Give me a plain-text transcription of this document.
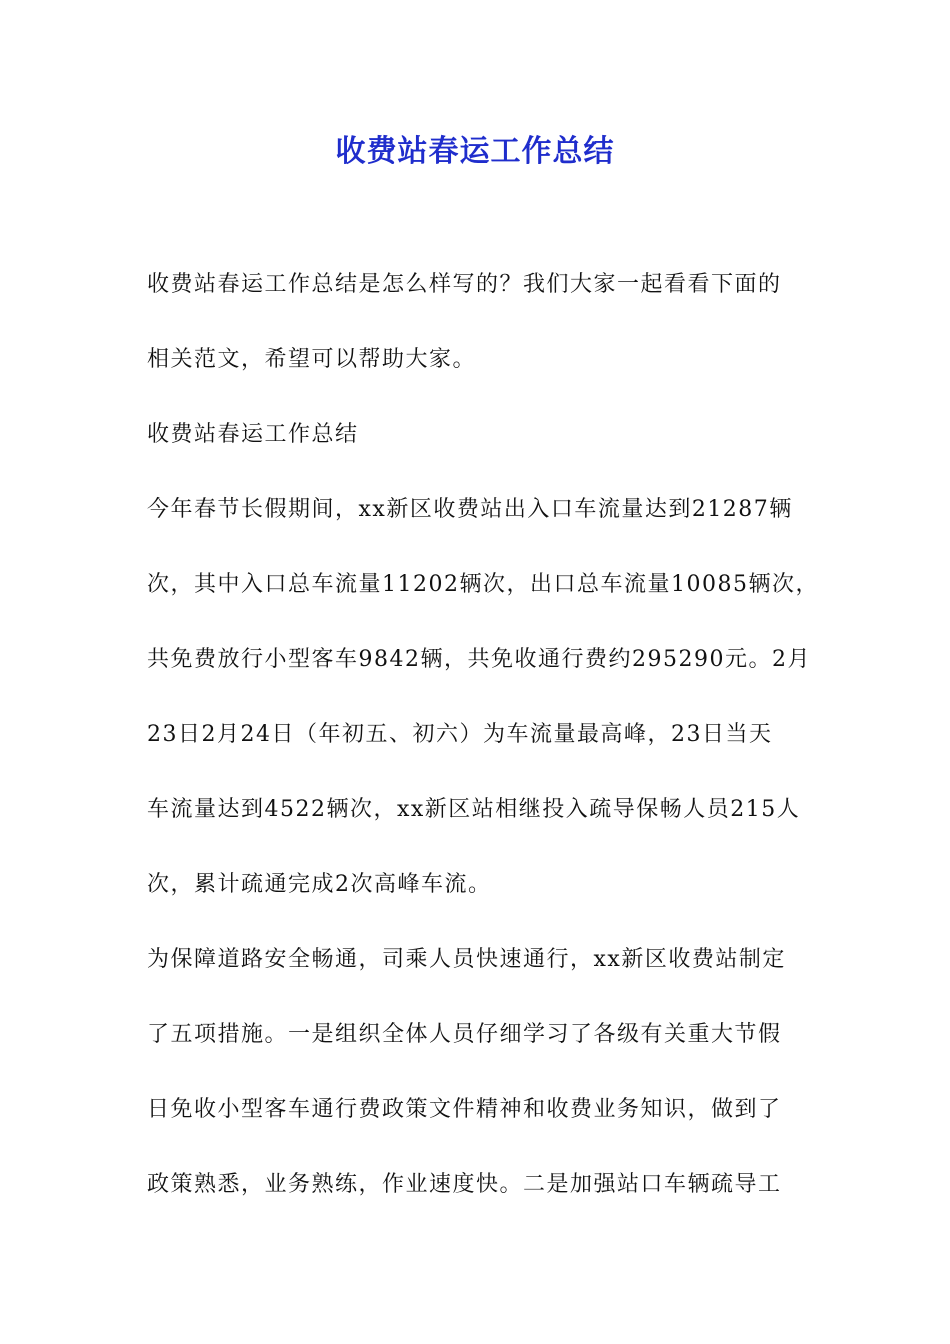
收费站春运工作总结
收费站春运工作总结是怎么样写的？我们大家一起看看下面的
相关范文，希望可以帮助大家。
收费站春运工作总结
今年春节长假期间，xx新区收费站出入口车流量达到21287辆
次，其中入口总车流量11202辆次，出口总车流量10085辆次，
共免费放行小型客车9842辆，共免收通行费约295290元。2月
23日2月24日（年初五、初六）为车流量最高峰，23日当天
车流量达到4522辆次，xx新区站相继投入疏导保畅人员215人
次，累计疏通完成2次高峰车流。
为保障道路安全畅通，司乘人员快速通行，xx新区收费站制定
了五项措施。一是组织全体人员仔细学习了各级有关重大节假
日免收小型客车通行费政策文件精神和收费业务知识，做到了
政策熟悉，业务熟练，作业速度快。二是加强站口车辆疏导工
